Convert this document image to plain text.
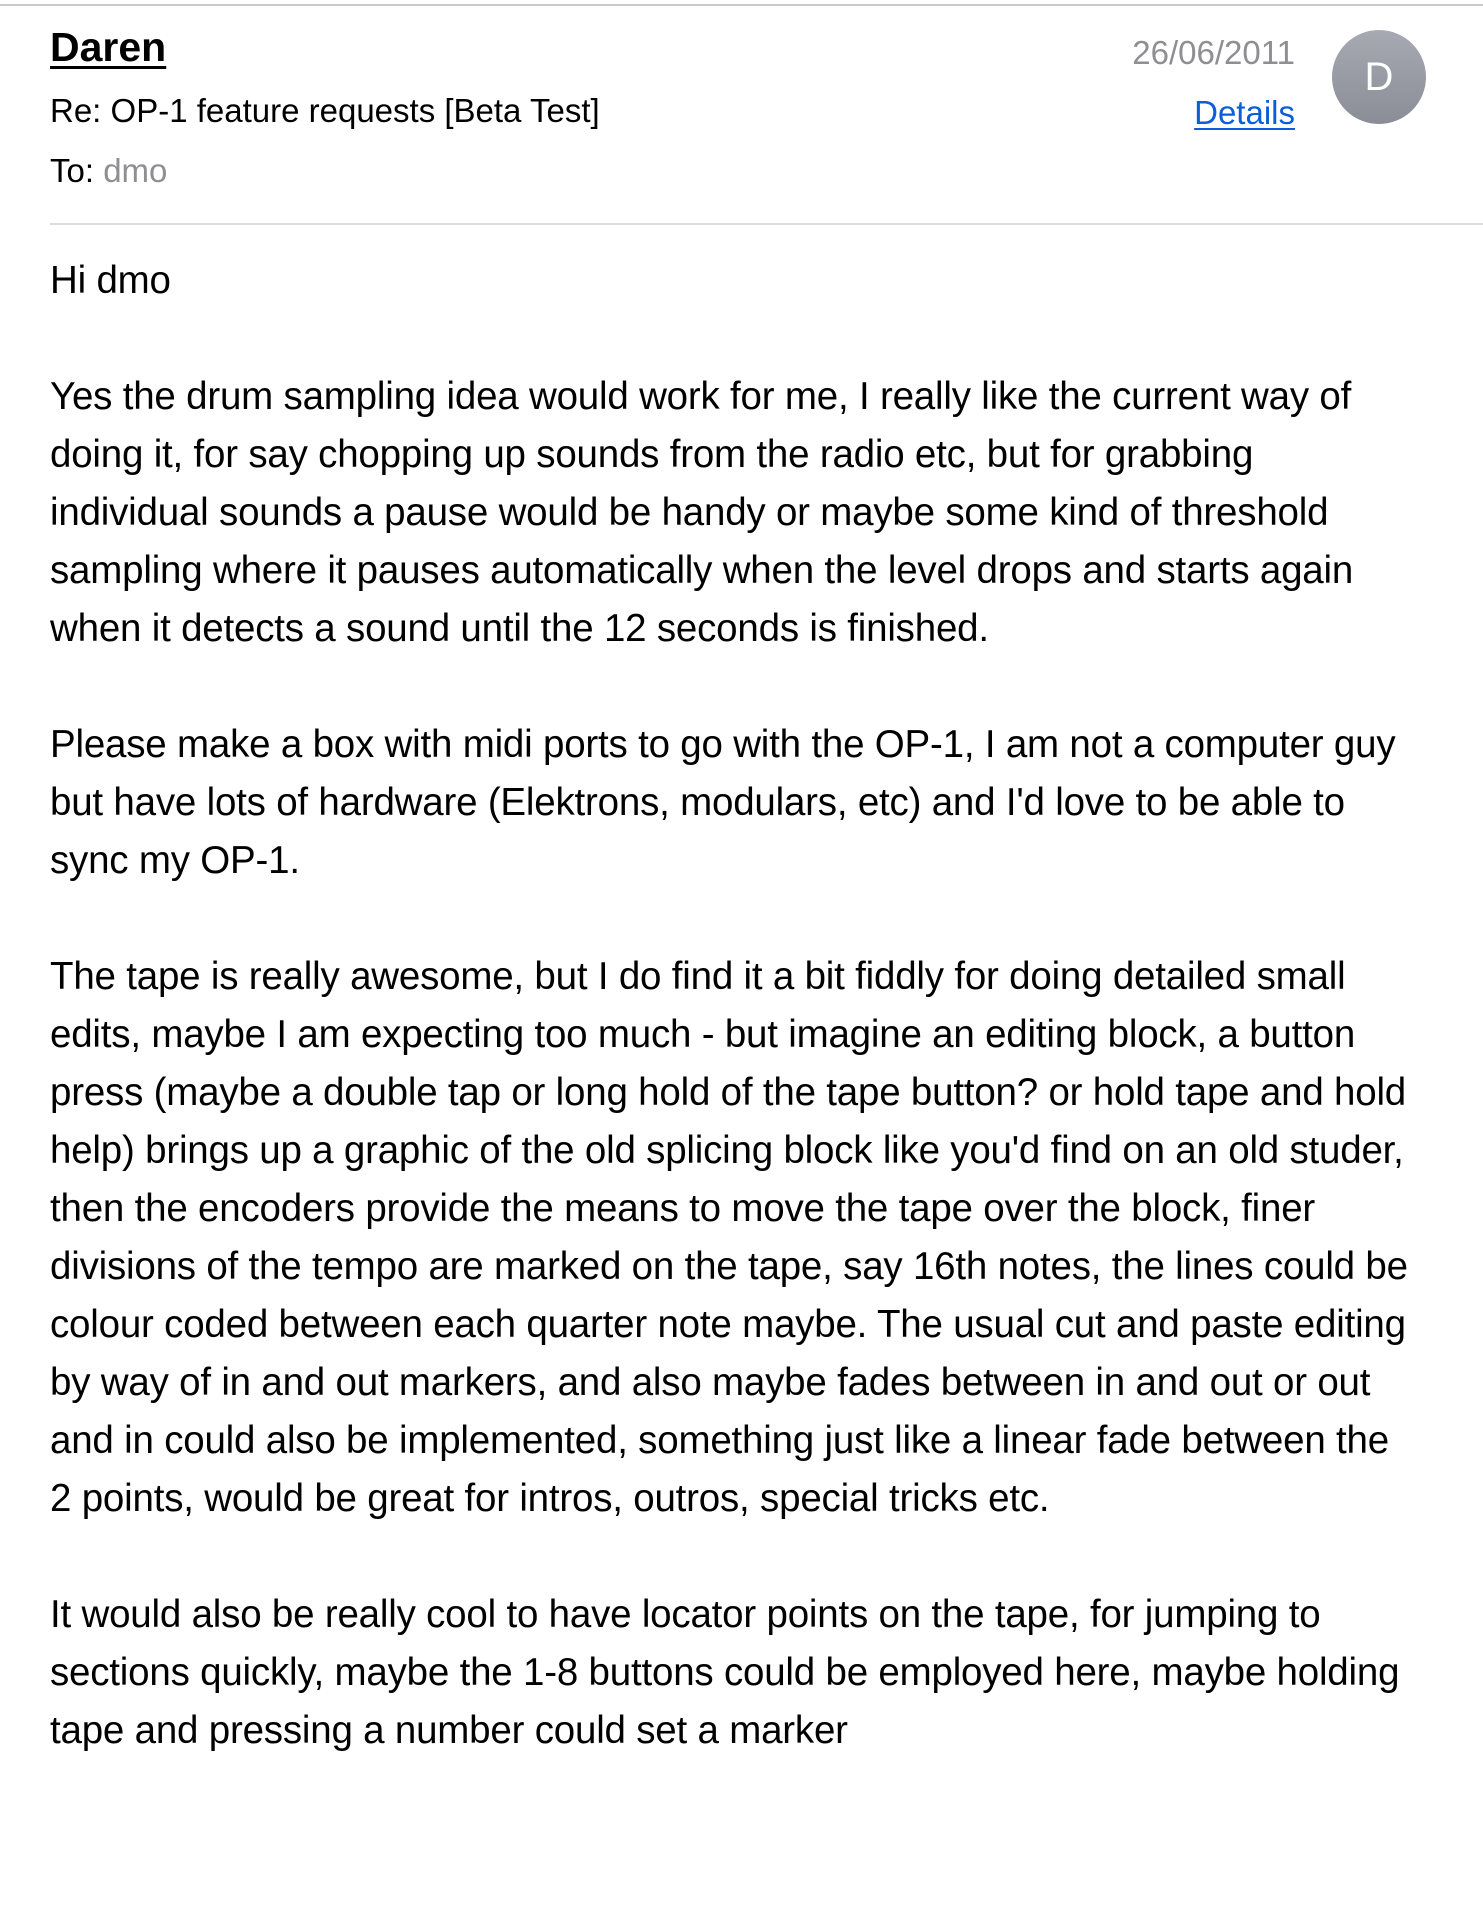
Daren
Re: OP-1 feature requests [Beta Test]
To: dmo
26/06/2011
Details
D

Hi dmo

Yes the drum sampling idea would work for me, I really like the current way of doing it, for say chopping up sounds from the radio etc, but for grabbing individual sounds a pause would be handy or maybe some kind of threshold sampling where it pauses automatically when the level drops and starts again when it detects a sound until the 12 seconds is finished.

Please make a box with midi ports to go with the OP-1, I am not a computer guy but have lots of hardware (Elektrons, modulars, etc) and I'd love to be able to sync my OP-1.

The tape is really awesome, but I do find it a bit fiddly for doing detailed small edits, maybe I am expecting too much - but imagine an editing block, a button press (maybe a double tap or long hold of the tape button? or hold tape and hold help) brings up a graphic of the old splicing block like you'd find on an old studer, then the encoders provide the means to move the tape over the block, finer divisions of the tempo are marked on the tape, say 16th notes, the lines could be colour coded between each quarter note maybe. The usual cut and paste editing by way of in and out markers, and also maybe fades between in and out or out and in could also be implemented, something just like a linear fade between the 2 points, would be great for intros, outros, special tricks etc.

It would also be really cool to have locator points on the tape, for jumping to sections quickly, maybe the 1-8 buttons could be employed here, maybe holding tape and pressing a number could set a marker
